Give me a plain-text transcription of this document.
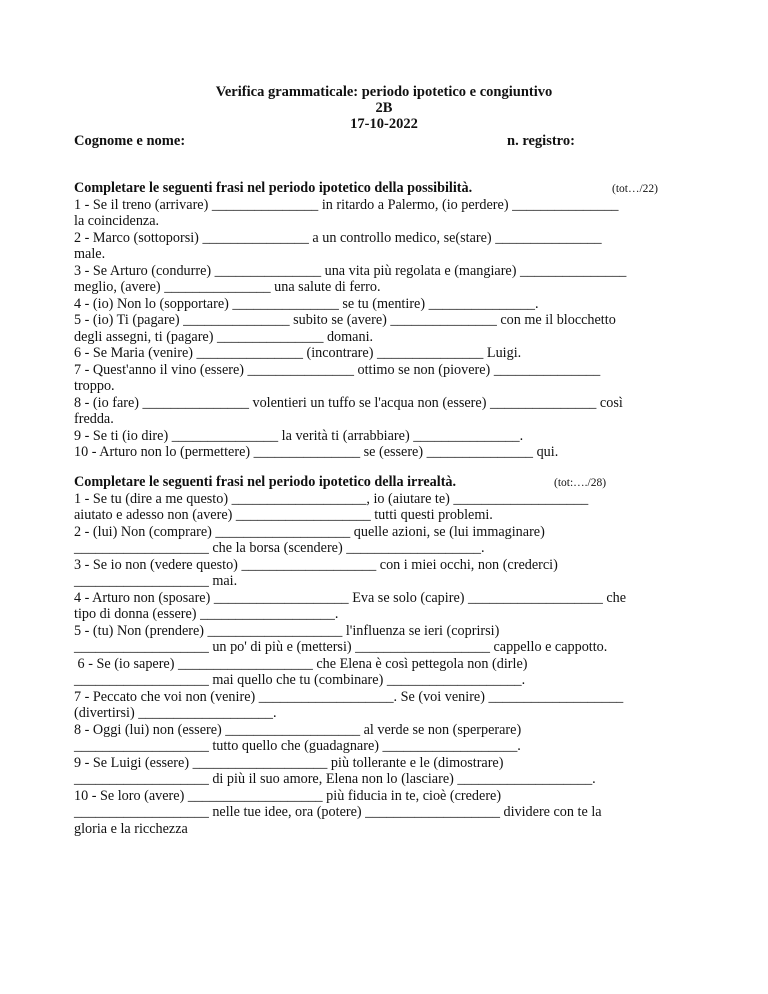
Verifica grammaticale: periodo ipotetico e congiuntivo
2B
17-10-2022
Cognome e nome:	n. registro:
Completare le seguenti frasi nel periodo ipotetico della possibilità.	(tot…/22)
1 - Se il treno (arrivare) _______________ in ritardo a Palermo, (io perdere) _______________
la coincidenza.
2 - Marco (sottoporsi) _______________ a un controllo medico, se(stare) _______________
male.
3 - Se Arturo (condurre) _______________ una vita più regolata e (mangiare) _______________
meglio, (avere) _______________ una salute di ferro.
4 - (io) Non lo (sopportare) _______________ se tu (mentire) _______________.
5 - (io) Ti (pagare) _______________ subito se (avere) _______________ con me il blocchetto
degli assegni, ti (pagare) _______________ domani.
6 - Se Maria (venire) _______________ (incontrare) _______________ Luigi.
7 - Quest'anno il vino (essere) _______________ ottimo se non (piovere) _______________
troppo.
8 - (io fare) _______________ volentieri un tuffo se l'acqua non (essere) _______________ così
fredda.
9 - Se ti (io dire) _______________ la verità ti (arrabbiare) _______________.
10 - Arturo non lo (permettere) _______________ se (essere) _______________ qui.
Completare le seguenti frasi nel periodo ipotetico della irrealtà.	(tot:…./28)
1 - Se tu (dire a me questo) ___________________, io (aiutare te) ___________________
aiutato e adesso non (avere) ___________________ tutti questi problemi.
2 - (lui) Non (comprare) ___________________ quelle azioni, se (lui immaginare)
___________________ che la borsa (scendere) ___________________.
3 - Se io non (vedere questo) ___________________ con i miei occhi, non (crederci)
___________________ mai.
4 - Arturo non (sposare) ___________________ Eva se solo (capire) ___________________ che
tipo di donna (essere) ___________________.
5 - (tu) Non (prendere) ___________________ l'influenza se ieri (coprirsi)
___________________ un po' di più e (mettersi) ___________________ cappello e cappotto.
6 - Se (io sapere) ___________________ che Elena è così pettegola non (dirle)
___________________ mai quello che tu (combinare) ___________________.
7 - Peccato che voi non (venire) ___________________. Se (voi venire) ___________________
(divertirsi) ___________________.
8 - Oggi (lui) non (essere) ___________________ al verde se non (sperperare)
___________________ tutto quello che (guadagnare) ___________________.
9 - Se Luigi (essere) ___________________ più tollerante e le (dimostrare)
___________________ di più il suo amore, Elena non lo (lasciare) ___________________.
10 - Se loro (avere) ___________________ più fiducia in te, cioè (credere)
___________________ nelle tue idee, ora (potere) ___________________ dividere con te la
gloria e la ricchezza
